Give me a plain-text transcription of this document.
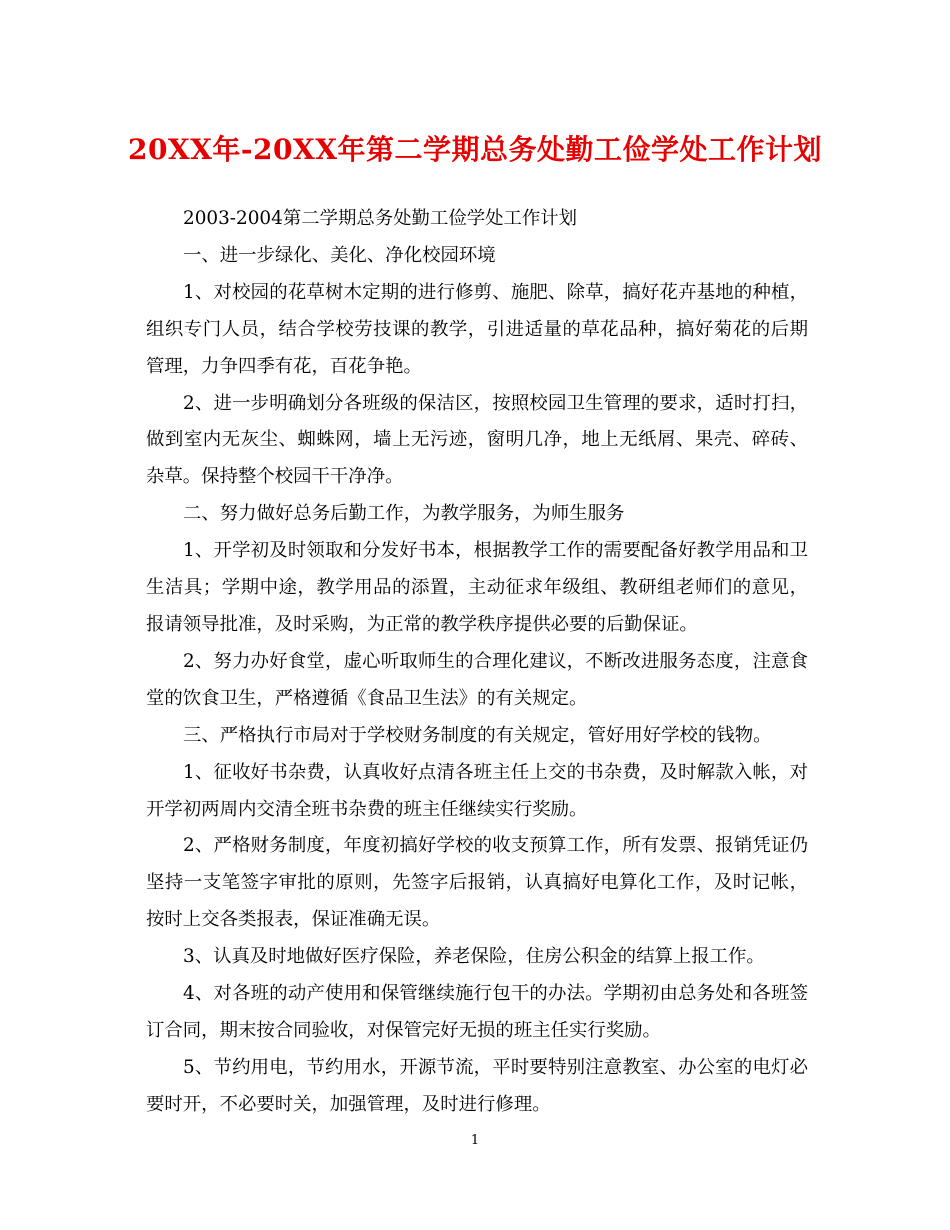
20XX年-20XX年第二学期总务处勤工俭学处工作计划

2003-2004第二学期总务处勤工俭学处工作计划

一、进一步绿化、美化、净化校园环境

1、对校园的花草树木定期的进行修剪、施肥、除草，搞好花卉基地的种植，组织专门人员，结合学校劳技课的教学，引进适量的草花品种，搞好菊花的后期管理，力争四季有花，百花争艳。

2、进一步明确划分各班级的保洁区，按照校园卫生管理的要求，适时打扫，做到室内无灰尘、蜘蛛网，墙上无污迹，窗明几净，地上无纸屑、果壳、碎砖、杂草。保持整个校园干干净净。

二、努力做好总务后勤工作，为教学服务，为师生服务

1、开学初及时领取和分发好书本，根据教学工作的需要配备好教学用品和卫生洁具；学期中途，教学用品的添置，主动征求年级组、教研组老师们的意见，报请领导批准，及时采购，为正常的教学秩序提供必要的后勤保证。

2、努力办好食堂，虚心听取师生的合理化建议，不断改进服务态度，注意食堂的饮食卫生，严格遵循《食品卫生法》的有关规定。

三、严格执行市局对于学校财务制度的有关规定，管好用好学校的钱物。

1、征收好书杂费，认真收好点清各班主任上交的书杂费，及时解款入帐，对开学初两周内交清全班书杂费的班主任继续实行奖励。

2、严格财务制度，年度初搞好学校的收支预算工作，所有发票、报销凭证仍坚持一支笔签字审批的原则，先签字后报销，认真搞好电算化工作，及时记帐，按时上交各类报表，保证准确无误。

3、认真及时地做好医疗保险，养老保险，住房公积金的结算上报工作。

4、对各班的动产使用和保管继续施行包干的办法。学期初由总务处和各班签订合同，期末按合同验收，对保管完好无损的班主任实行奖励。

5、节约用电，节约用水，开源节流，平时要特别注意教室、办公室的电灯必要时开，不必要时关，加强管理，及时进行修理。

1
